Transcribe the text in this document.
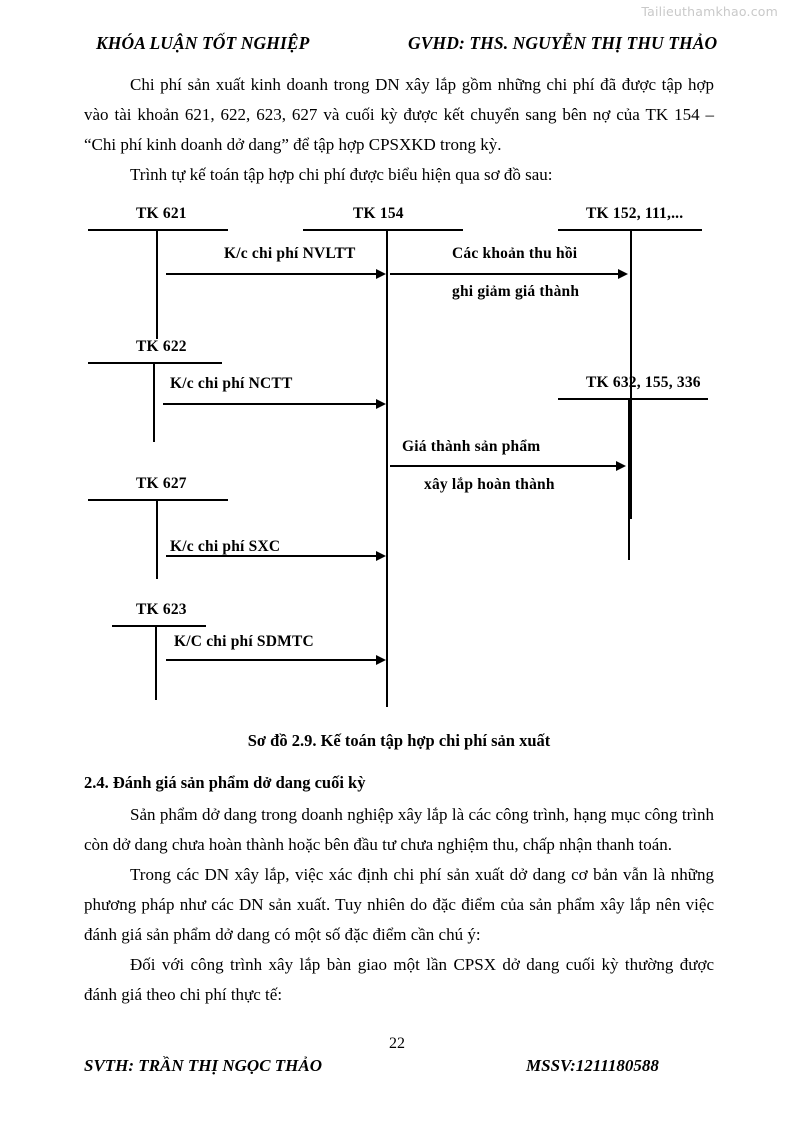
Tailieuthamkhao.com
KHÓA LUẬN TỐT NGHIỆP	GVHD: THS. NGUYỄN THỊ THU THẢO

Chi phí sản xuất kinh doanh trong DN xây lắp gồm những chi phí đã được tập hợp vào tài khoản 621, 622, 623, 627 và cuối kỳ được kết chuyển sang bên nợ của TK 154 – “Chi phí kinh doanh dở dang” để tập hợp CPSXKD trong kỳ.

Trình tự kế toán tập hợp chi phí được biểu hiện qua sơ đồ sau:

TK 621	TK 154	TK 152, 111,...
K/c chi phí NVLTT	Các khoản thu hồi
ghi giảm giá thành
TK 622
K/c chi phí NCTT	TK 632, 155, 336
Giá thành sản phẩm
xây lắp hoàn thành
TK 627
K/c chi phí SXC
TK 623
K/C chi phí SDMTC
Sơ đồ 2.9. Kế toán tập hợp chi phí sản xuất
2.4. Đánh giá sản phẩm dở dang cuối kỳ

Sản phẩm dở dang trong doanh nghiệp xây lắp là các công trình, hạng mục công trình còn dở dang chưa hoàn thành hoặc bên đầu tư chưa nghiệm thu, chấp nhận thanh toán.

Trong các DN xây lắp, việc xác định chi phí sản xuất dở dang cơ bản vẫn là những phương pháp như các DN sản xuất. Tuy nhiên do đặc điểm của sản phẩm xây lắp nên việc đánh giá sản phẩm dở dang có một số đặc điểm cần chú ý:

Đối với công trình xây lắp bàn giao một lần CPSX dở dang cuối kỳ thường được đánh giá theo chi phí thực tế:

22
SVTH: TRẦN THỊ NGỌC THẢO	MSSV:1211180588
